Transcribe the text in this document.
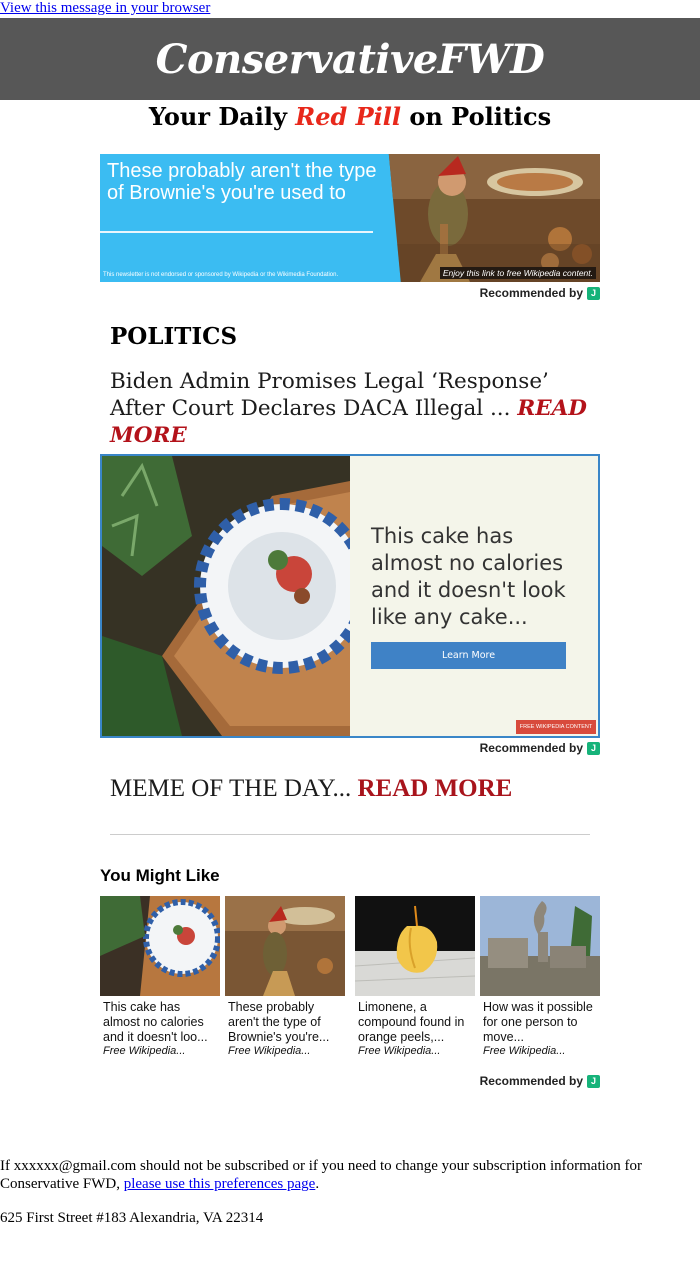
View this message in your browser
ConservativeFWD
Your Daily Red Pill on Politics
These probably aren't the type of Brownie's you're used to
This newsletter is not endorsed or sponsored by Wikipedia or the Wikimedia Foundation.	Enjoy this link to free Wikipedia content.
Recommended by J
POLITICS
Biden Admin Promises Legal ‘Response’ After Court Declares DACA Illegal ... READ MORE
This cake has almost no calories and it doesn't look like any cake...
Learn More
FREE WIKIPEDIA CONTENT
Recommended by J
MEME OF THE DAY... READ MORE
You Might Like
This cake has almost no calories and it doesn't loo...
Free Wikipedia...
These probably aren't the type of Brownie's you're...
Free Wikipedia...
Limonene, a compound found in orange peels,...
Free Wikipedia...
How was it possible for one person to move...
Free Wikipedia...
Recommended by J
If xxxxxx@gmail.com should not be subscribed or if you need to change your subscription information for Conservative FWD, please use this preferences page.
625 First Street #183 Alexandria, VA 22314
